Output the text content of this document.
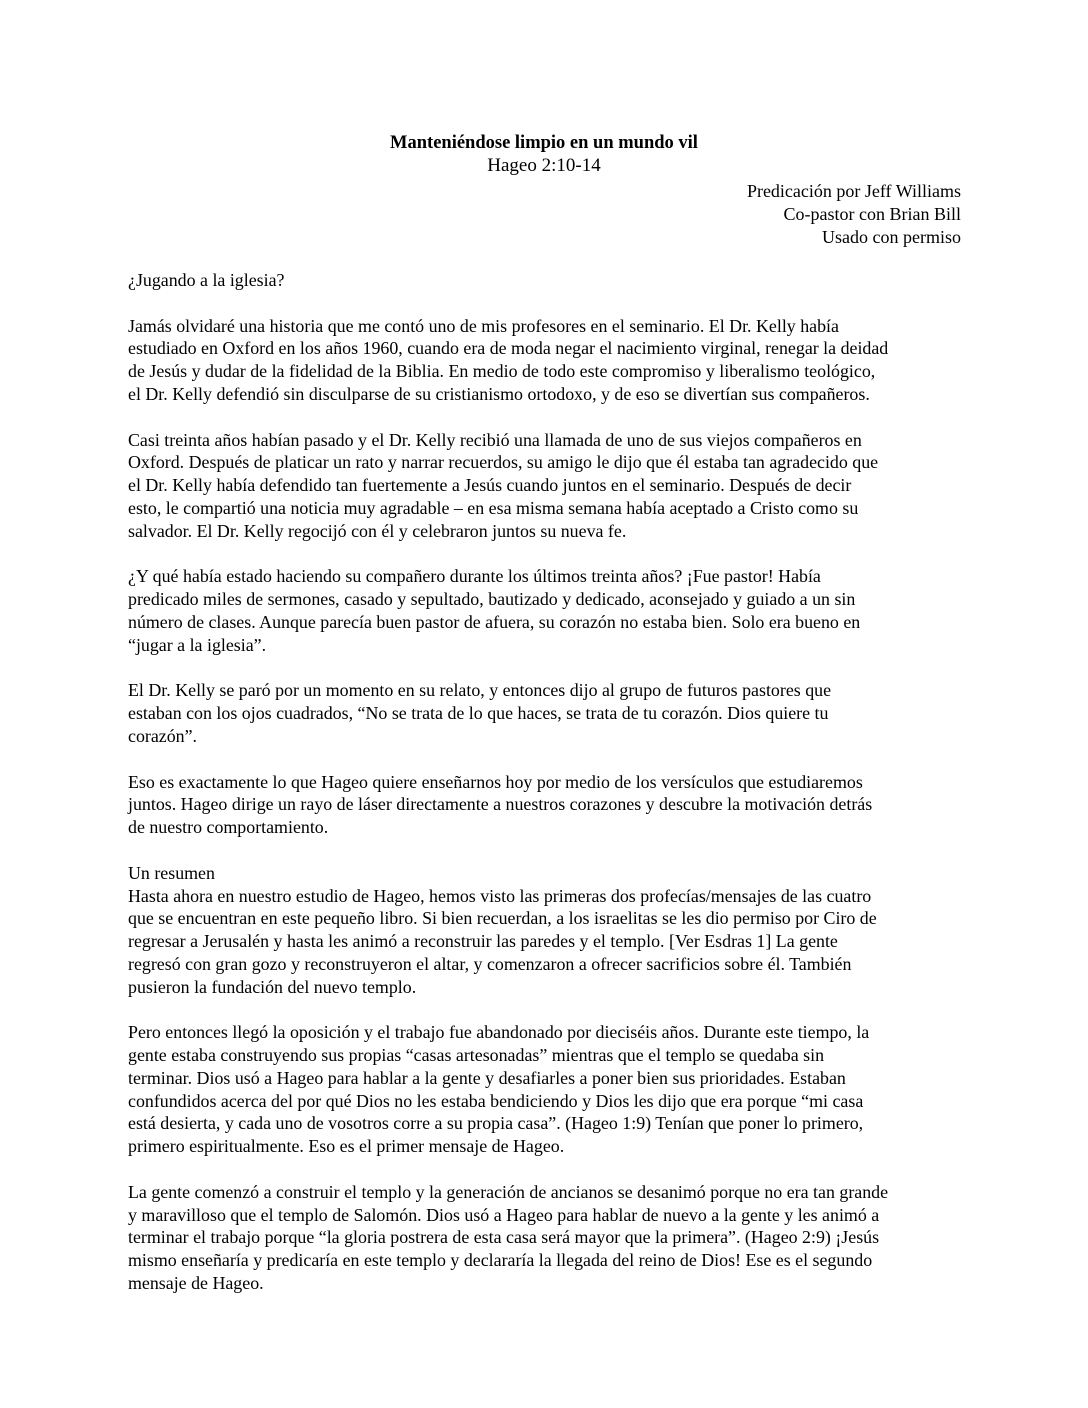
Manteniéndose limpio en un mundo vil
Hageo 2:10-14
Predicación por Jeff Williams
Co-pastor con Brian Bill
Usado con permiso

¿Jugando a la iglesia?

Jamás olvidaré una historia que me contó uno de mis profesores en el seminario. El Dr. Kelly había
estudiado en Oxford en los años 1960, cuando era de moda negar el nacimiento virginal, renegar la deidad
de Jesús y dudar de la fidelidad de la Biblia. En medio de todo este compromiso y liberalismo teológico,
el Dr. Kelly defendió sin disculparse de su cristianismo ortodoxo, y de eso se divertían sus compañeros.

Casi treinta años habían pasado y el Dr. Kelly recibió una llamada de uno de sus viejos compañeros en
Oxford. Después de platicar un rato y narrar recuerdos, su amigo le dijo que él estaba tan agradecido que
el Dr. Kelly había defendido tan fuertemente a Jesús cuando juntos en el seminario. Después de decir
esto, le compartió una noticia muy agradable – en esa misma semana había aceptado a Cristo como su
salvador. El Dr. Kelly regocijó con él y celebraron juntos su nueva fe.

¿Y qué había estado haciendo su compañero durante los últimos treinta años? ¡Fue pastor! Había
predicado miles de sermones, casado y sepultado, bautizado y dedicado, aconsejado y guiado a un sin
número de clases. Aunque parecía buen pastor de afuera, su corazón no estaba bien. Solo era bueno en
“jugar a la iglesia”.

El Dr. Kelly se paró por un momento en su relato, y entonces dijo al grupo de futuros pastores que
estaban con los ojos cuadrados, “No se trata de lo que haces, se trata de tu corazón. Dios quiere tu
corazón”.

Eso es exactamente lo que Hageo quiere enseñarnos hoy por medio de los versículos que estudiaremos
juntos. Hageo dirige un rayo de láser directamente a nuestros corazones y descubre la motivación detrás
de nuestro comportamiento.

Un resumen
Hasta ahora en nuestro estudio de Hageo, hemos visto las primeras dos profecías/mensajes de las cuatro
que se encuentran en este pequeño libro. Si bien recuerdan, a los israelitas se les dio permiso por Ciro de
regresar a Jerusalén y hasta les animó a reconstruir las paredes y el templo. [Ver Esdras 1] La gente
regresó con gran gozo y reconstruyeron el altar, y comenzaron a ofrecer sacrificios sobre él. También
pusieron la fundación del nuevo templo.

Pero entonces llegó la oposición y el trabajo fue abandonado por dieciséis años. Durante este tiempo, la
gente estaba construyendo sus propias “casas artesonadas” mientras que el templo se quedaba sin
terminar. Dios usó a Hageo para hablar a la gente y desafiarles a poner bien sus prioridades. Estaban
confundidos acerca del por qué Dios no les estaba bendiciendo y Dios les dijo que era porque “mi casa
está desierta, y cada uno de vosotros corre a su propia casa”. (Hageo 1:9) Tenían que poner lo primero,
primero espiritualmente. Eso es el primer mensaje de Hageo.

La gente comenzó a construir el templo y la generación de ancianos se desanimó porque no era tan grande
y maravilloso que el templo de Salomón. Dios usó a Hageo para hablar de nuevo a la gente y les animó a
terminar el trabajo porque “la gloria postrera de esta casa será mayor que la primera”. (Hageo 2:9) ¡Jesús
mismo enseñaría y predicaría en este templo y declararía la llegada del reino de Dios! Ese es el segundo
mensaje de Hageo.
